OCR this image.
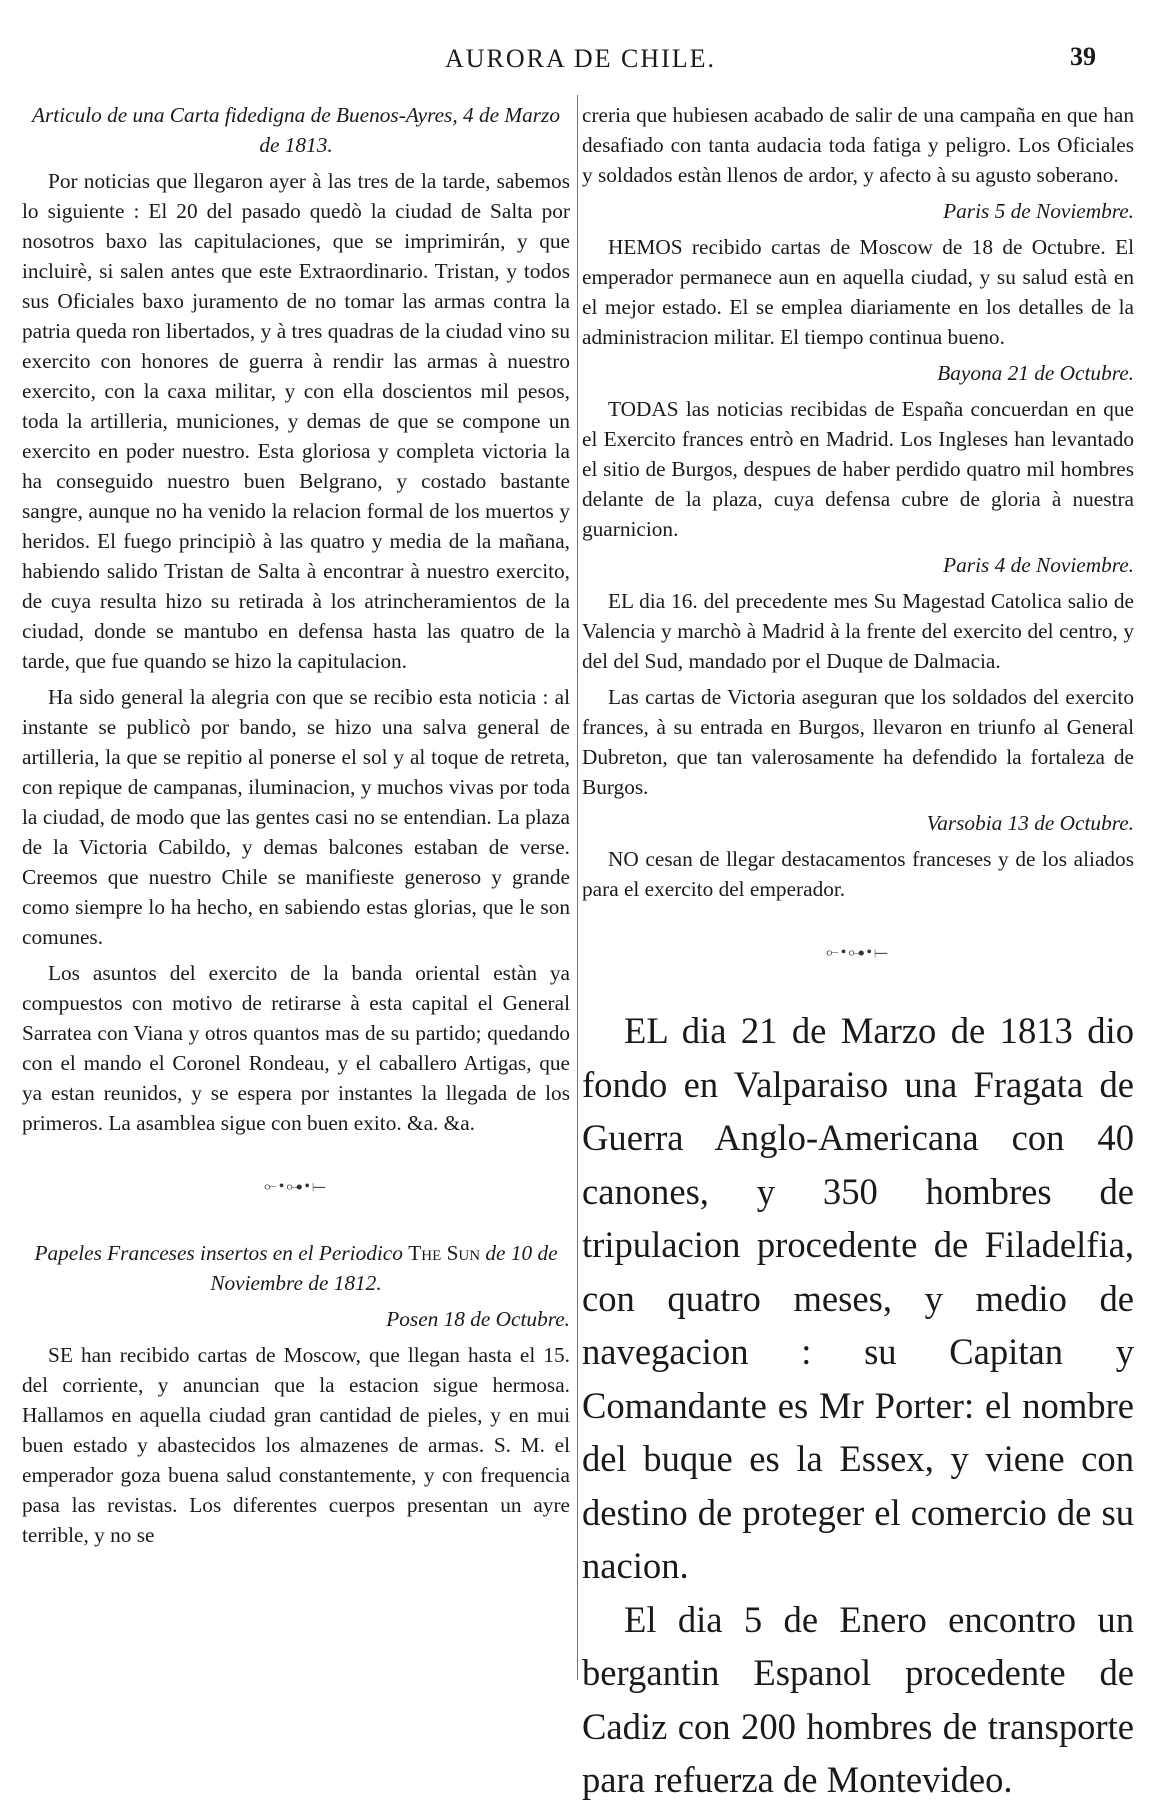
AURORA DE CHILE.	39

Articulo de una Carta fidedigna de Buenos-Ayres, 4 de Marzo de 1813.

Por noticias que llegaron ayer à las tres de la tarde, sabemos lo siguiente : El 20 del pasado quedò la ciudad de Salta por nosotros baxo las capitulaciones, que se imprimirán, y que incluirè, si salen antes que este Extraordinario. Tristan, y todos sus Oficiales baxo juramento de no tomar las armas contra la patria queda ron libertados, y à tres quadras de la ciudad vino su exercito con honores de guerra à rendir las armas à nuestro exercito, con la caxa militar, y con ella doscientos mil pesos, toda la artilleria, municiones, y demas de que se compone un exercito en poder nuestro. Esta gloriosa y completa victoria la ha conseguido nuestro buen Belgrano, y costado bastante sangre, aunque no ha venido la relacion formal de los muertos y heridos. El fuego principiò à las quatro y media de la mañana, habiendo salido Tristan de Salta à encontrar à nuestro exercito, de cuya resulta hizo su retirada à los atrincheramientos de la ciudad, donde se mantubo en defensa hasta las quatro de la tarde, que fue quando se hizo la capitulacion.

Ha sido general la alegria con que se recibio esta noticia : al instante se publicò por bando, se hizo una salva general de artilleria, la que se repitio al ponerse el sol y al toque de retreta, con repique de campanas, iluminacion, y muchos vivas por toda la ciudad, de modo que las gentes casi no se entendian. La plaza de la Victoria Cabildo, y demas balcones estaban de verse. Creemos que nuestro Chile se manifieste generoso y grande como siempre lo ha hecho, en sabiendo estas glorias, que le son comunes.

Los asuntos del exercito de la banda oriental estàn ya compuestos con motivo de retirarse à esta capital el General Sarratea con Viana y otros quantos mas de su partido; quedando con el mando el Coronel Rondeau, y el caballero Artigas, que ya estan reunidos, y se espera por instantes la llegada de los primeros. La asamblea sigue con buen exito. &a. &a.

⟜•⊶•⟝

Papeles Franceses insertos en el Periodico The Sun de 10 de Noviembre de 1812.

Posen 18 de Octubre.

SE han recibido cartas de Moscow, que llegan hasta el 15. del corriente, y anuncian que la estacion sigue hermosa. Hallamos en aquella ciudad gran cantidad de pieles, y en mui buen estado y abastecidos los almazenes de armas. S. M. el emperador goza buena salud constantemente, y con frequencia pasa las revistas. Los diferentes cuerpos presentan un ayre terrible, y no se

creria que hubiesen acabado de salir de una campaña en que han desafiado con tanta audacia toda fatiga y peligro. Los Oficiales y soldados estàn llenos de ardor, y afecto à su agusto soberano.

Paris 5 de Noviembre.

HEMOS recibido cartas de Moscow de 18 de Octubre. El emperador permanece aun en aquella ciudad, y su salud està en el mejor estado. El se emplea diariamente en los detalles de la administracion militar. El tiempo continua bueno.

Bayona 21 de Octubre.

TODAS las noticias recibidas de España concuerdan en que el Exercito frances entrò en Madrid. Los Ingleses han levantado el sitio de Burgos, despues de haber perdido quatro mil hombres delante de la plaza, cuya defensa cubre de gloria à nuestra guarnicion.

Paris 4 de Noviembre.

EL dia 16. del precedente mes Su Magestad Catolica salio de Valencia y marchò à Madrid à la frente del exercito del centro, y del del Sud, mandado por el Duque de Dalmacia.

Las cartas de Victoria aseguran que los soldados del exercito frances, à su entrada en Burgos, llevaron en triunfo al General Dubreton, que tan valerosamente ha defendido la fortaleza de Burgos.

Varsobia 13 de Octubre.

NO cesan de llegar destacamentos franceses y de los aliados para el exercito del emperador.

⟜•⊶•⟝

EL dia 21 de Marzo de 1813 dio fondo en Valparaiso una Fragata de Guerra Anglo-Americana con 40 canones, y 350 hombres de tripulacion procedente de Filadelfia, con quatro meses, y medio de navegacion : su Capitan y Comandante es Mr Porter: el nombre del buque es la Essex, y viene con destino de proteger el comercio de su nacion.

El dia 5 de Enero encontro un bergantin Espanol procedente de Cadiz con 200 hombres de transporte para refuerza de Montevideo.
